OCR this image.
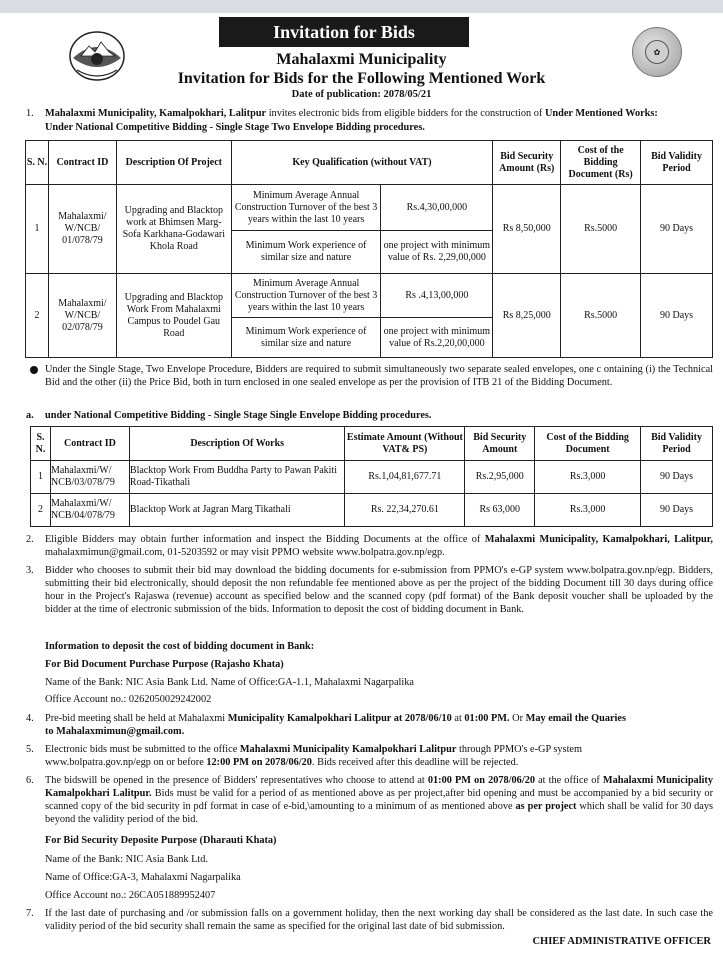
Invitation for Bids
✿
Mahalaxmi Municipality
Invitation for Bids for the Following Mentioned Work
Date of publication: 2078/05/21
1. Mahalaxmi Municipality, Kamalpokhari, Lalitpur invites electronic bids from eligible bidders for the construction of Under Mentioned Works:
Under National Competitive Bidding - Single Stage Two Envelope Bidding procedures.
S. N.	Contract ID	Description Of Project	Key Qualification (without VAT)		Bid Security Amount (Rs)	Cost of the Bidding Document (Rs)	Bid Validity Period
1	Mahalaxmi/ W/NCB/ 01/078/79	Upgrading and Blacktop work at Bhimsen Marg-Sofa Karkhana-Godawari Khola Road	Minimum Average Annual Construction Turnover of the best 3 years within the last 10 years	Rs.4,30,00,000	Rs 8,50,000	Rs.5000	90 Days
			Minimum Work experience of similar size and nature	one project with minimum value of Rs. 2,29,00,000			
2	Mahalaxmi/ W/NCB/ 02/078/79	Upgrading and Blacktop Work From Mahalaxmi Campus to Poudel Gau Road	Minimum Average Annual Construction Turnover of the best 3 years within the last 10 years	Rs .4,13,00,000	Rs 8,25,000	Rs.5000	90 Days
			Minimum Work experience of similar size and nature	one project with minimum value of Rs.2,20,00,000			
Under the Single Stage, Two Envelope Procedure, Bidders are required to submit simultaneously two separate sealed envelopes, one c ontaining (i) the Technical Bid and the other (ii) the Price Bid, both in turn enclosed in one sealed envelope as per the provision of ITB 21 of the Bidding Document.
a. under National Competitive Bidding - Single Stage Single Envelope Bidding procedures.
S. N.	Contract ID	Description Of Works	Estimate Amount (Without VAT& PS)	Bid Security Amount	Cost of the Bidding Document	Bid Validity Period
1	Mahalaxmi/W/ NCB/03/078/79	Blacktop Work From Buddha Party to Pawan Pakiti Road-Tikathali	Rs.1,04,81,677.71	Rs.2,95,000	Rs.3,000	90 Days
2	Mahalaxmi/W/ NCB/04/078/79	Blacktop Work at Jagran Marg Tikathali	Rs. 22,34,270.61	Rs 63,000	Rs.3,000	90 Days
2. Eligible Bidders may obtain further information and inspect the Bidding Documents at the office of Mahalaxmi Municipality, Kamalpokhari, Lalitpur, mahalaxmimun@gmail.com, 01-5203592 or may visit PPMO website www.bolpatra.gov.np/egp.
3. Bidder who chooses to submit their bid may download the bidding documents for e-submission from PPMO's e-GP system www.bolpatra.gov.np/egp. Bidders, submitting their bid electronically, should deposit the non refundable fee mentioned above as per the project of the bidding Document till 30 days during office hour in the Project's Rajaswa (revenue) account as specified below and the scanned copy (pdf format) of the Bank deposit voucher shall be uploaded by the bidder at the time of electronic submission of the bids. Information to deposit the cost of bidding document in Bank.
Information to deposit the cost of bidding document in Bank:
For Bid Document Purchase Purpose (Rajasho Khata)
Name of the Bank: NIC Asia Bank Ltd. Name of Office:GA-1.1, Mahalaxmi Nagarpalika
Office Account no.: 0262050029242002
4. Pre-bid meeting shall be held at Mahalaxmi Municipality Kamalpokhari Lalitpur at 2078/06/10 at 01:00 PM. Or May email the Quaries
to Mahalaxmimun@gmail.com.
5. Electronic bids must be submitted to the office Mahalaxmi Municipality Kamalpokhari Lalitpur through PPMO's e-GP system
www.bolpatra.gov.np/egp on or before 12:00 PM on 2078/06/20. Bids received after this deadline will be rejected.
6. The bidswill be opened in the presence of Bidders' representatives who choose to attend at 01:00 PM on 2078/06/20 at the office of Mahalaxmi Municipality Kamalpokhari Lalitpur. Bids must be valid for a period of as mentioned above as per project,after bid opening and must be accompanied by a bid security or scanned copy of the bid security in pdf format in case of e-bid,\amounting to a minimum of as mentioned above as per project which shall be valid for 30 days beyond the validity period of the bid.
For Bid Security Deposite Purpose (Dharauti Khata)
Name of the Bank: NIC Asia Bank Ltd.
Name of Office:GA-3, Mahalaxmi Nagarpalika
Office Account no.: 26CA051889952407
7. If the last date of purchasing and /or submission falls on a government holiday, then the next working day shall be considered as the last date. In such case the validity period of the bid security shall remain the same as specified for the original last date of bid submission.
CHIEF ADMINISTRATIVE OFFICER
